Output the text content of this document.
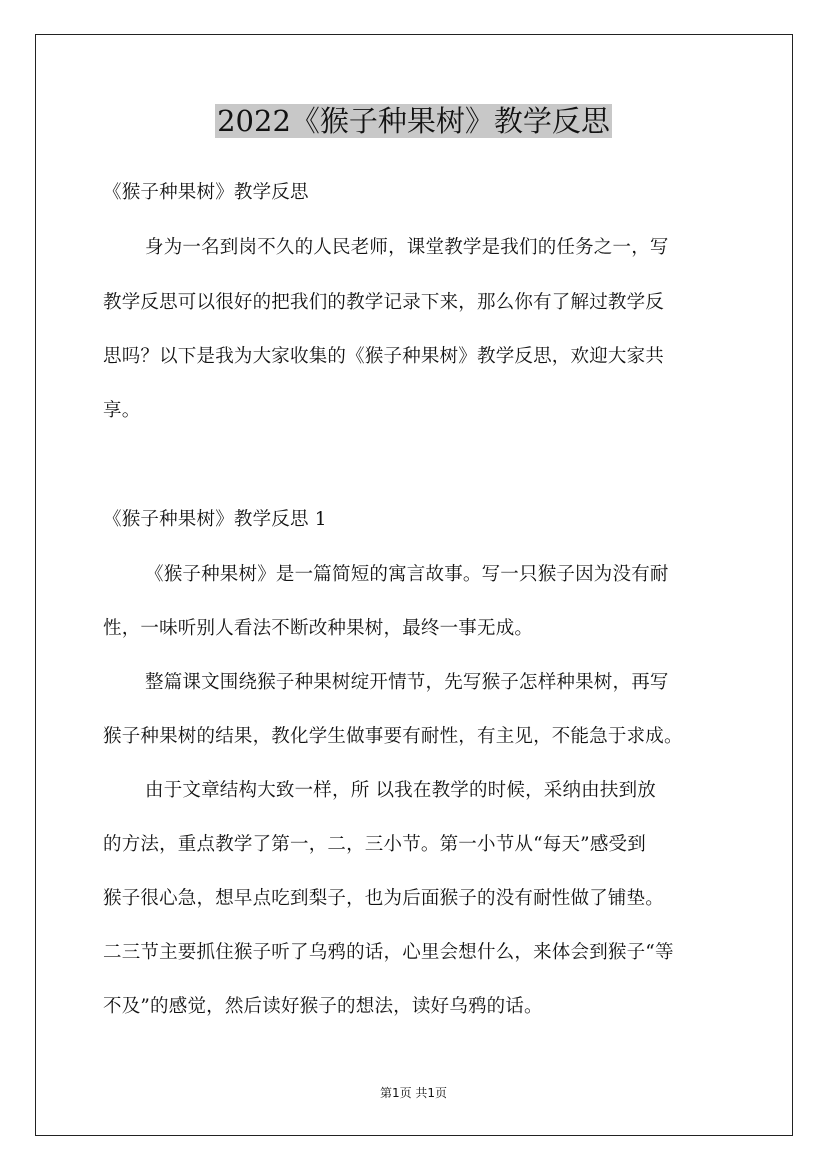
2022《猴子种果树》教学反思
《猴子种果树》教学反思
身为一名到岗不久的人民老师，课堂教学是我们的任务之一，写
教学反思可以很好的把我们的教学记录下来，那么你有了解过教学反
思吗？以下是我为大家收集的《猴子种果树》教学反思，欢迎大家共
享。
《猴子种果树》教学反思 1
《猴子种果树》是一篇简短的寓言故事。写一只猴子因为没有耐
性，一味听别人看法不断改种果树，最终一事无成。
整篇课文围绕猴子种果树绽开情节，先写猴子怎样种果树，再写
猴子种果树的结果，教化学生做事要有耐性，有主见，不能急于求成。
由于文章结构大致一样，所 以我在教学的时候，采纳由扶到放
的方法，重点教学了第一，二，三小节。第一小节从“每天”感受到
猴子很心急，想早点吃到梨子，也为后面猴子的没有耐性做了铺垫。
二三节主要抓住猴子听了乌鸦的话，心里会想什么，来体会到猴子“等
不及”的感觉，然后读好猴子的想法，读好乌鸦的话。
第1页 共1页
